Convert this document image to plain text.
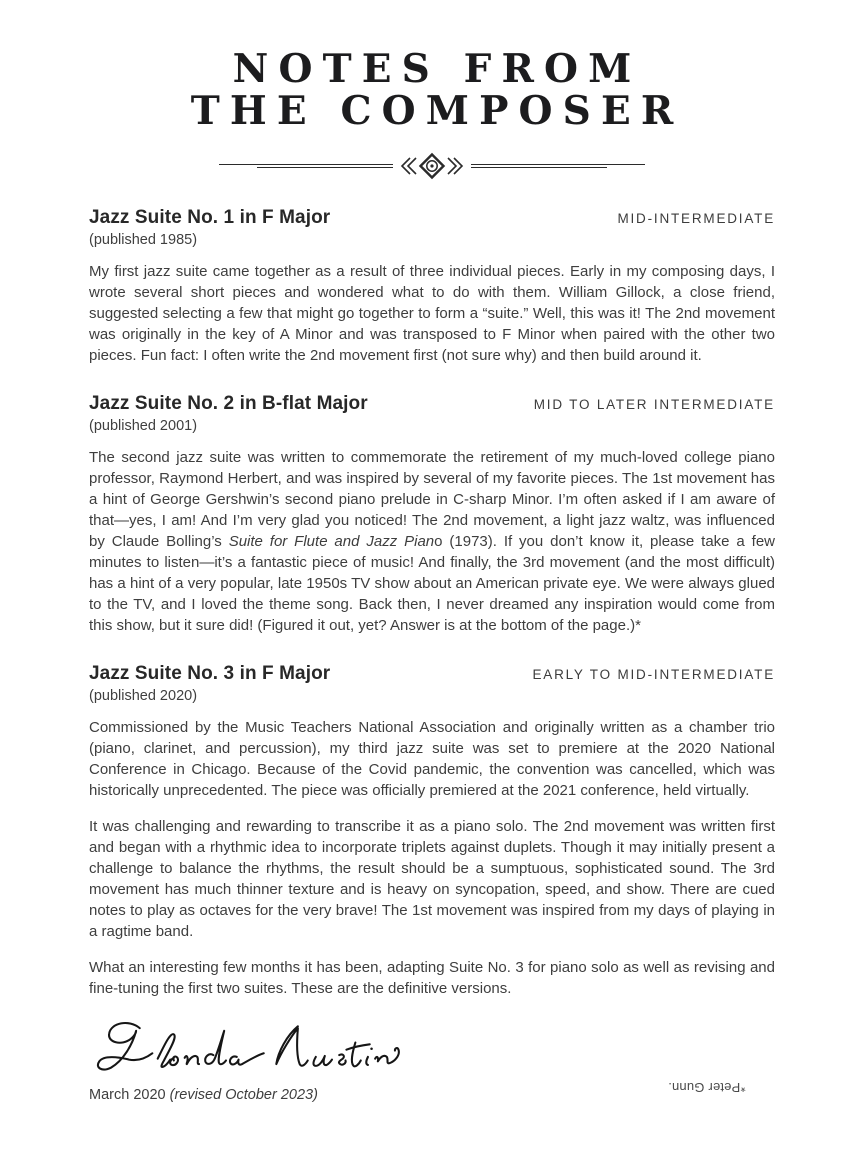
NOTES FROM
THE COMPOSER
Jazz Suite No. 1 in F Major	MID-INTERMEDIATE
(published 1985)

My first jazz suite came together as a result of three individual pieces. Early in my composing days, I wrote several short pieces and wondered what to do with them. William Gillock, a close friend, suggested selecting a few that might go together to form a “suite.” Well, this was it! The 2nd movement was originally in the key of A Minor and was transposed to F Minor when paired with the other two pieces. Fun fact: I often write the 2nd movement first (not sure why) and then build around it.

Jazz Suite No. 2 in B-flat Major	MID TO LATER INTERMEDIATE
(published 2001)

The second jazz suite was written to commemorate the retirement of my much-loved college piano professor, Raymond Herbert, and was inspired by several of my favorite pieces. The 1st movement has a hint of George Gershwin’s second piano prelude in C-sharp Minor. I’m often asked if I am aware of that—yes, I am! And I’m very glad you noticed! The 2nd movement, a light jazz waltz, was influenced by Claude Bolling’s Suite for Flute and Jazz Piano (1973). If you don’t know it, please take a few minutes to listen—it’s a fantastic piece of music! And finally, the 3rd movement (and the most difficult) has a hint of a very popular, late 1950s TV show about an American private eye. We were always glued to the TV, and I loved the theme song. Back then, I never dreamed any inspiration would come from this show, but it sure did! (Figured it out, yet? Answer is at the bottom of the page.)*

Jazz Suite No. 3 in F Major	EARLY TO MID-INTERMEDIATE
(published 2020)

Commissioned by the Music Teachers National Association and originally written as a chamber trio (piano, clarinet, and percussion), my third jazz suite was set to premiere at the 2020 National Conference in Chicago. Because of the Covid pandemic, the convention was cancelled, which was historically unprecedented. The piece was officially premiered at the 2021 conference, held virtually.

It was challenging and rewarding to transcribe it as a piano solo. The 2nd movement was written first and began with a rhythmic idea to incorporate triplets against duplets. Though it may initially present a challenge to balance the rhythms, the result should be a sumptuous, sophisticated sound. The 3rd movement has much thinner texture and is heavy on syncopation, speed, and show. There are cued notes to play as octaves for the very brave! The 1st movement was inspired from my days of playing in a ragtime band.

What an interesting few months it has been, adapting Suite No. 3 for piano solo as well as revising and fine-tuning the first two suites. These are the definitive versions.

March 2020 (revised October 2023)	*Peter Gunn.
